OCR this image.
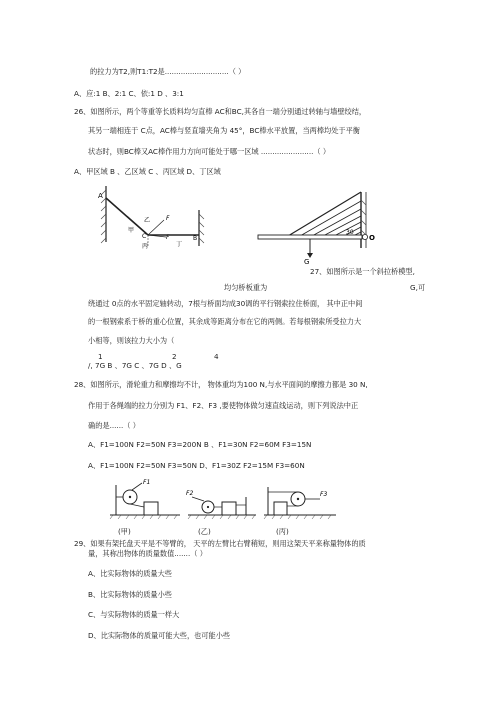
的拉力为T2,则T1:T2是............................（ ）
A、应:1 B、2:1 C、依:1 D 、3:1
26、如图所示，两个等重等长质料均匀直棒 AC和BC,其各自一端分别通过转轴与墙壁绞结，
其另一端相连于 C点，AC棒与竖直墙夹角为 45°，BC棒水平放置，当两棒均处于平衡
状态时，则BC棒又AC棒作用力方向可能处于哪一区域 .......................（ ）
A、甲区域 B 、乙区域 C 、丙区域 D、丁区域
A
C	B
乙
甲
丙	丁
F
F
G
30
O
27、如图所示是一个斜拉桥模型,
均匀桥板重为	G,可
绕通过 0点的水平固定轴转动，7根与桥面均成30调的平行钢索拉住桥面， 其中正中间
的一根钢索系于桥的重心位置，其余成等距离分布在它的两侧。若每根钢索所受拉力大
小相等，则该拉力大小为（
1	2	4
/, 7G B 、7G C 、7G D 、G
28、如图所示，滑轮重力和摩擦均不计， 物体重均为100 N,与水平面间的摩擦力都是 30 N,
作用于各绳端的拉力分别为 F1、F2、F3 ,要使物体做匀速直线运动，则下列说法中正
确的是......（ ）
A、F1=100N F2=50N F3=200N B 、F1=30N F2=60M F3=15N
A、F1=100N F2=50N F3=50N D、F1=30Z F2=15M F3=60N
F1
F2	F3
(甲)	(乙)	(丙)
29、如果有架托盘天平是不等臂的， 天平的左臂比右臂稍短，则用这架天平来称量物体的质
量，其称出物体的质量数值.......（ ）
A、比实际物体的质量大些
B、比实际物体的质量小些
C、与实际物体的质量一样大
D、比实际物体的质量可能大些，也可能小些
